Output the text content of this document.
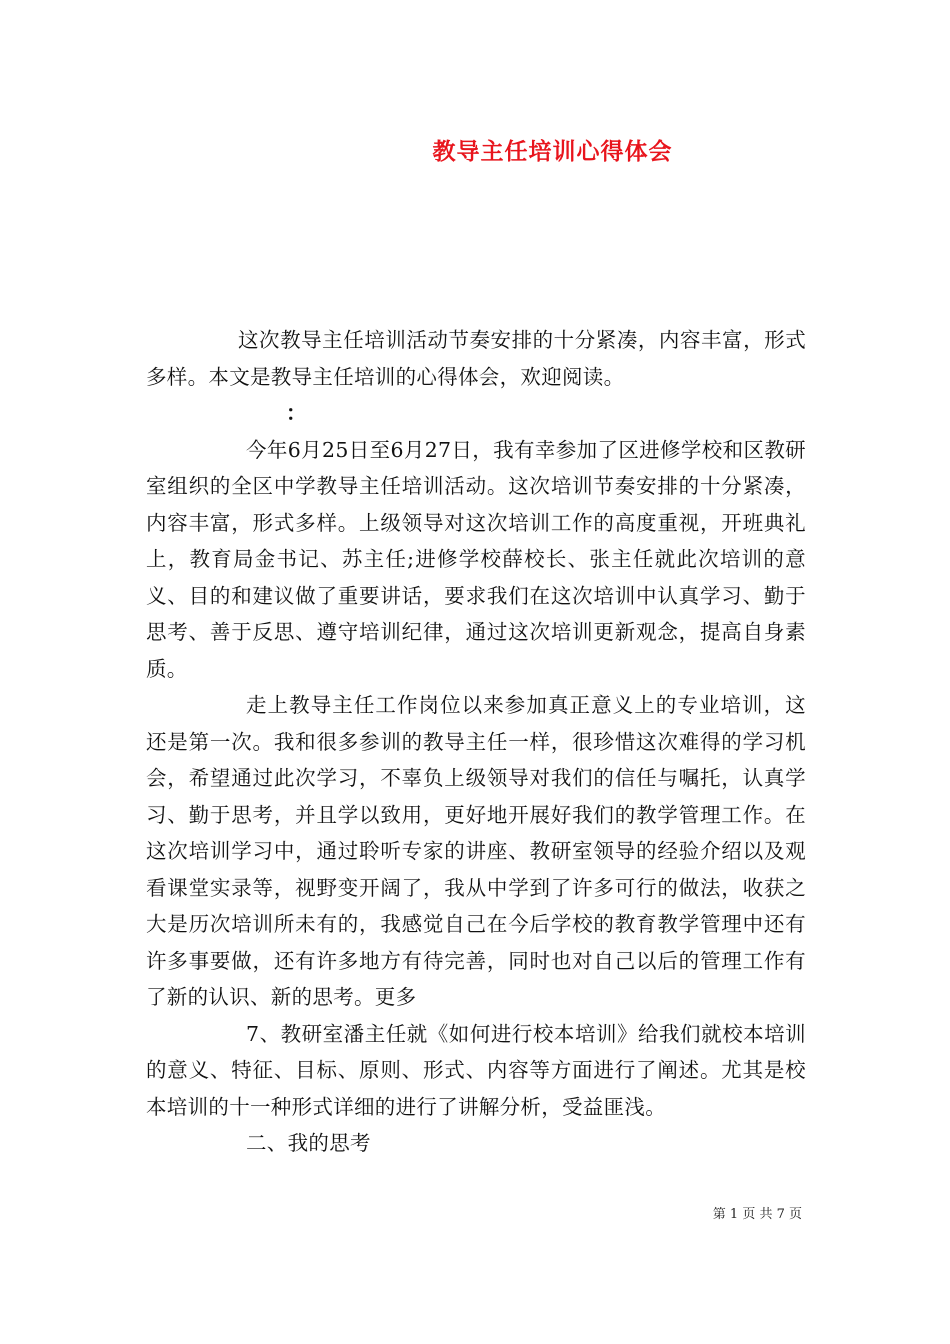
教导主任培训心得体会

这次教导主任培训活动节奏安排的十分紧凑，内容丰富，形式多样。本文是教导主任培训的心得体会，欢迎阅读。

：

今年6月25日至6月27日，我有幸参加了区进修学校和区教研室组织的全区中学教导主任培训活动。这次培训节奏安排的十分紧凑，内容丰富，形式多样。上级领导对这次培训工作的高度重视，开班典礼上，教育局金书记、苏主任;进修学校薛校长、张主任就此次培训的意义、目的和建议做了重要讲话，要求我们在这次培训中认真学习、勤于思考、善于反思、遵守培训纪律，通过这次培训更新观念，提高自身素质。

走上教导主任工作岗位以来参加真正意义上的专业培训，这还是第一次。我和很多参训的教导主任一样，很珍惜这次难得的学习机会，希望通过此次学习，不辜负上级领导对我们的信任与嘱托，认真学习、勤于思考，并且学以致用，更好地开展好我们的教学管理工作。在这次培训学习中，通过聆听专家的讲座、教研室领导的经验介绍以及观看课堂实录等，视野变开阔了，我从中学到了许多可行的做法，收获之大是历次培训所未有的，我感觉自己在今后学校的教育教学管理中还有许多事要做，还有许多地方有待完善，同时也对自己以后的管理工作有了新的认识、新的思考。更多

7、教研室潘主任就《如何进行校本培训》给我们就校本培训的意义、特征、目标、原则、形式、内容等方面进行了阐述。尤其是校本培训的十一种形式详细的进行了讲解分析，受益匪浅。

二、我的思考

第 1 页 共 7 页
